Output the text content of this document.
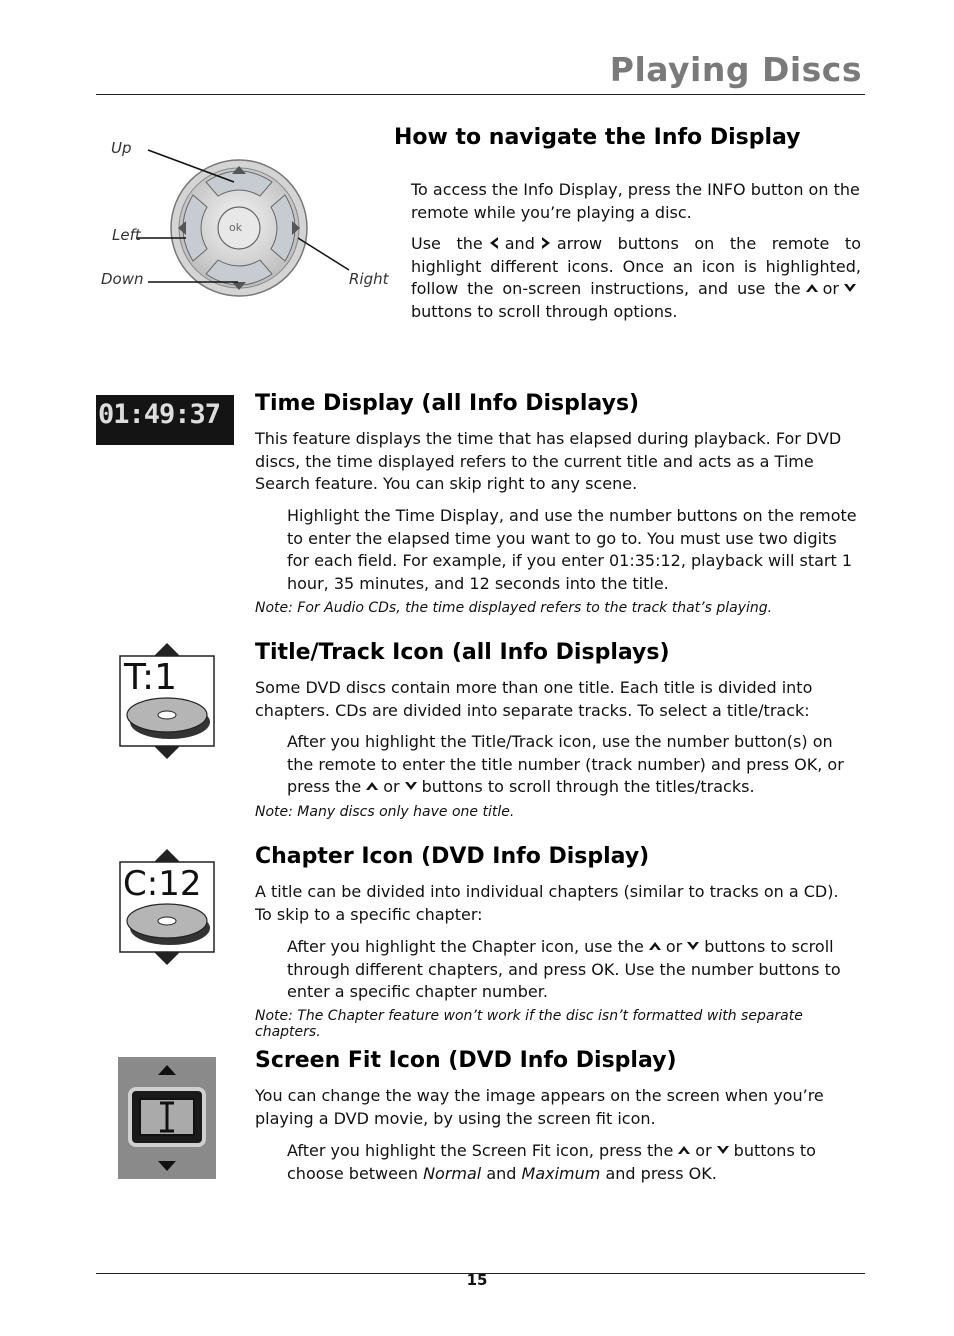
Playing Discs
Up
Left
Down	Right
ok
How to navigate the Info Display

To access the Info Display, press the INFO button on the remote while you’re playing a disc.

Use the and arrow buttons on the remote to highlight different icons. Once an icon is highlighted, follow the on-screen instructions, and use the or
buttons to scroll through options.

01:49:37	Time Display (all Info Displays)

This feature displays the time that has elapsed during playback. For DVD discs, the time displayed refers to the current title and acts as a Time Search feature. You can skip right to any scene.

Highlight the Time Display, and use the number buttons on the remote to enter the elapsed time you want to go to. You must use two digits for each field. For example, if you enter 01:35:12, playback will start 1 hour, 35 minutes, and 12 seconds into the title.

Note: For Audio CDs, the time displayed refers to the track that’s playing.

T:1
Title/Track Icon (all Info Displays)

Some DVD discs contain more than one title. Each title is divided into chapters. CDs are divided into separate tracks. To select a title/track:

After you highlight the Title/Track icon, use the number button(s) on the remote to enter the title number (track number) and press OK, or press the or buttons to scroll through the titles/tracks.

Note: Many discs only have one title.

C:12
Chapter Icon (DVD Info Display)

A title can be divided into individual chapters (similar to tracks on a CD). To skip to a specific chapter:

After you highlight the Chapter icon, use the or buttons to scroll through different chapters, and press OK. Use the number buttons to enter a specific chapter number.

Note: The Chapter feature won’t work if the disc isn’t formatted with separate chapters.

Screen Fit Icon (DVD Info Display)

You can change the way the image appears on the screen when you’re playing a DVD movie, by using the screen fit icon.

After you highlight the Screen Fit icon, press the or buttons to choose between Normal and Maximum and press OK.

15
